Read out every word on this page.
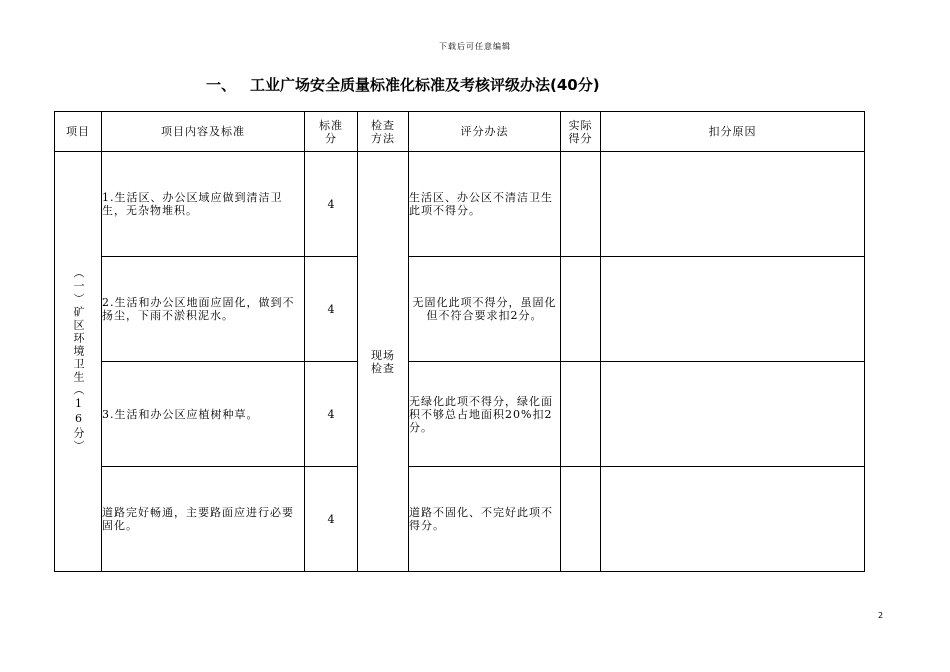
下载后可任意编辑
一、 工业广场安全质量标准化标准及考核评级办法(40分)
项目	项目内容及标准	标准分	检查方法	评分办法	实际得分	扣分原因
（一）矿区环境卫生（16分）	1.生活区、办公区域应做到清洁卫生，无杂物堆积。	4	现场检查	生活区、办公区不清洁卫生此项不得分。		
	2.生活和办公区地面应固化，做到不扬尘，下雨不淤积泥水。	4		无固化此项不得分，虽固化但不符合要求扣2分。		
	3.生活和办公区应植树种草。	4		无绿化此项不得分，绿化面积不够总占地面积20%扣2分。		
	道路完好畅通，主要路面应进行必要固化。	4		道路不固化、不完好此项不得分。		
2
